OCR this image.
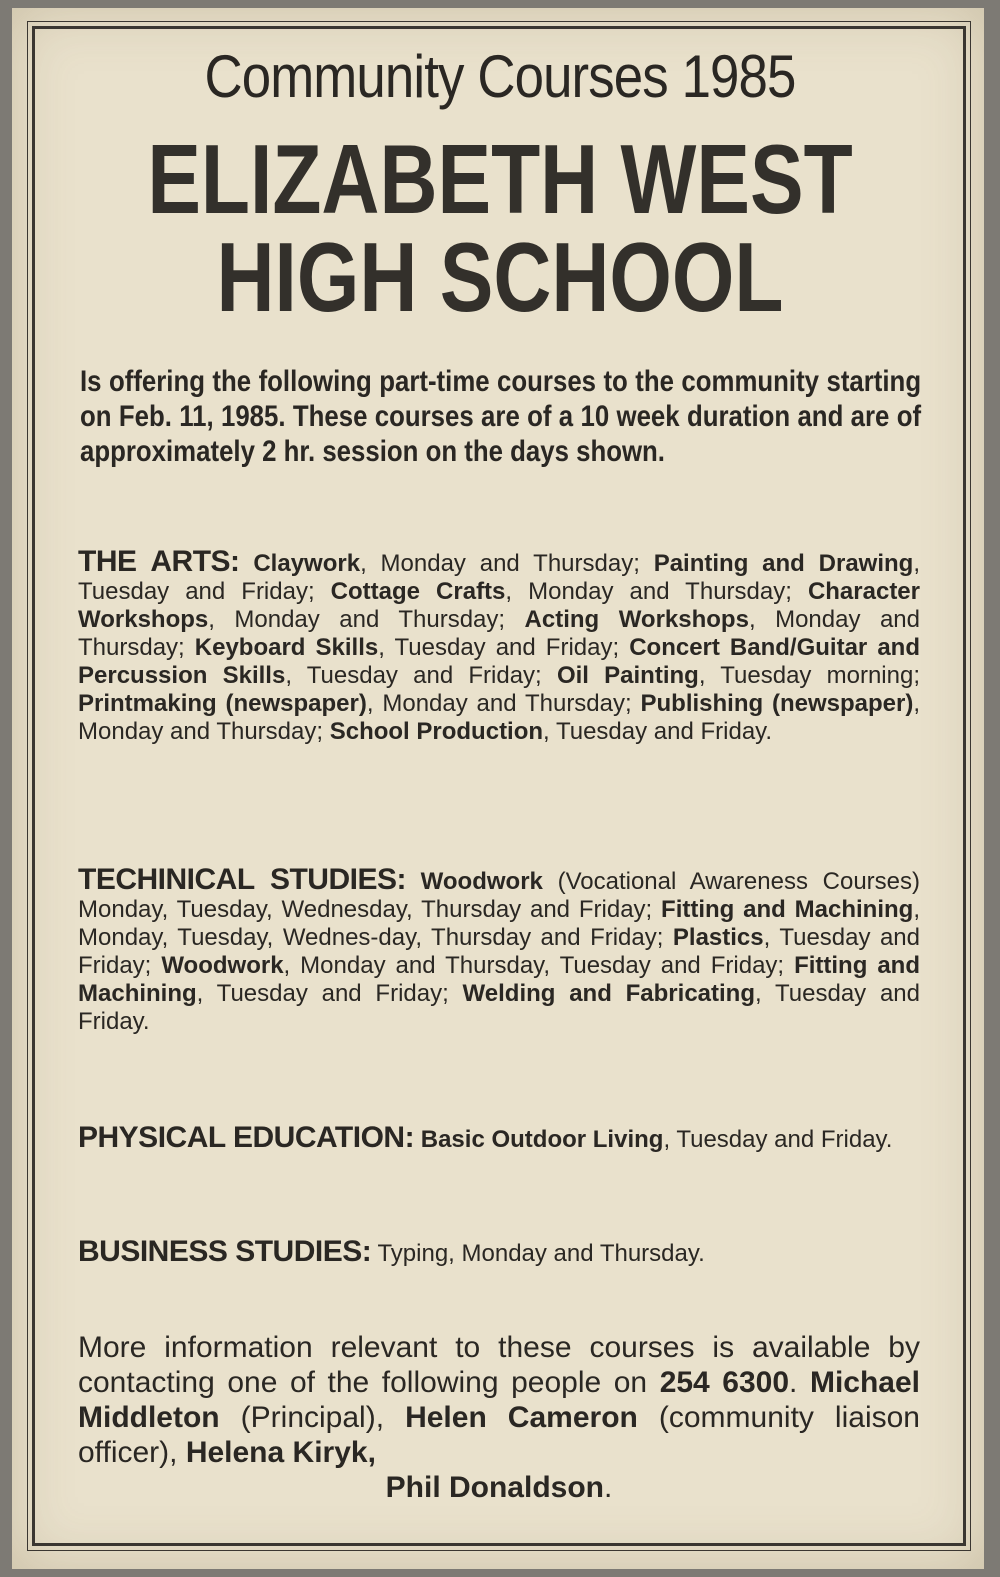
Community Courses 1985
ELIZABETH WEST
HIGH SCHOOL
Is offering the following part-time courses to the community starting on Feb. 11, 1985. These courses are of a 10 week duration and are of approximately 2 hr. session on the days shown.
THE ARTS: Claywork, Monday and Thursday; Painting and Drawing, Tuesday and Friday; Cottage Crafts, Monday and Thursday; Character Workshops, Monday and Thursday; Acting Workshops, Monday and Thursday; Keyboard Skills, Tuesday and Friday; Concert Band/Guitar and Percussion Skills, Tuesday and Friday; Oil Painting, Tuesday morning; Printmaking (newspaper), Monday and Thursday; Publishing (newspaper), Monday and Thursday; School Production, Tuesday and Friday.
TECHINICAL STUDIES: Woodwork (Vocational Awareness Courses) Monday, Tuesday, Wednesday, Thursday and Friday; Fitting and Machining, Monday, Tuesday, Wednes-day, Thursday and Friday; Plastics, Tuesday and Friday; Woodwork, Monday and Thursday, Tuesday and Friday; Fitting and Machining, Tuesday and Friday; Welding and Fabricating, Tuesday and Friday.
PHYSICAL EDUCATION: Basic Outdoor Living, Tuesday and Friday.
BUSINESS STUDIES: Typing, Monday and Thursday.
More information relevant to these courses is available by contacting one of the following people on 254 6300. Michael Middleton (Principal), Helen Cameron (community liaison officer), Helena Kiryk,
Phil Donaldson.
